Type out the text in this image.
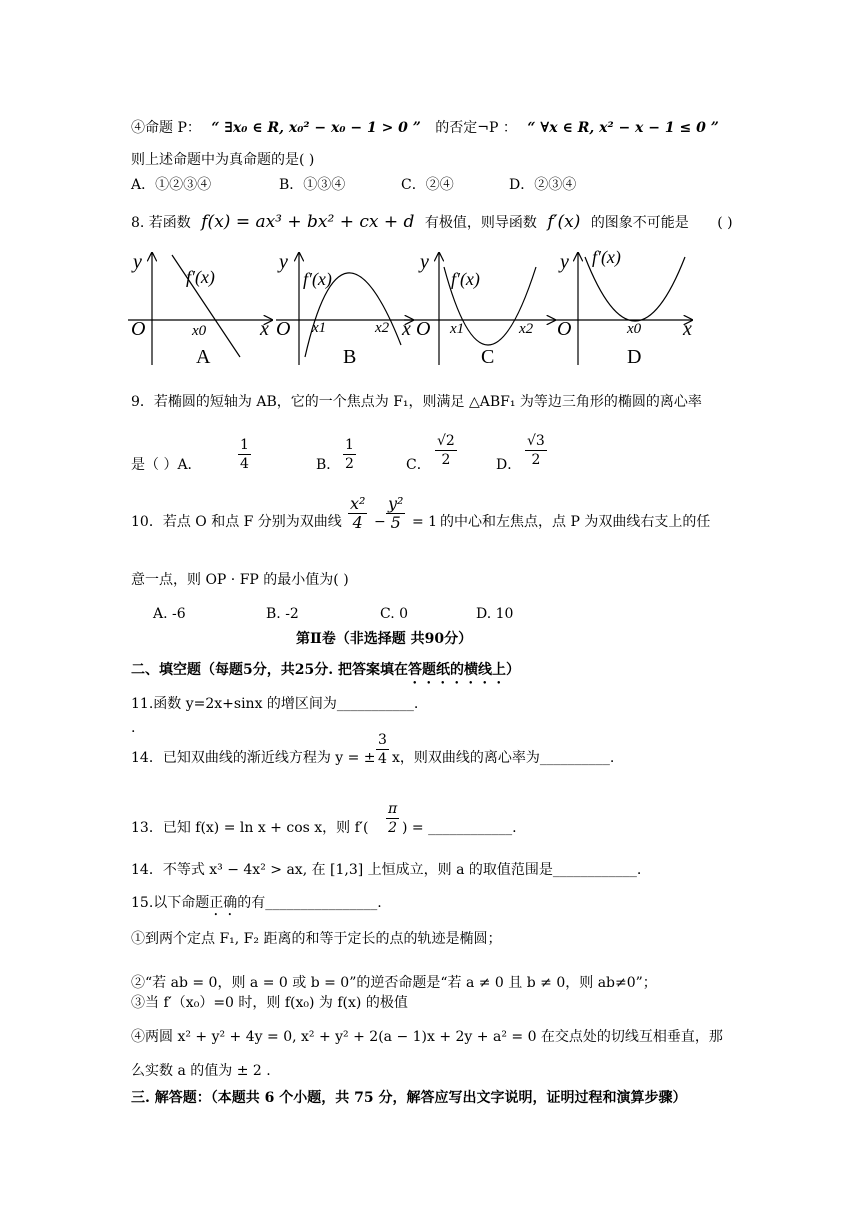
④命题 P： “ ∃x₀ ∈ R, x₀² − x₀ − 1 > 0 ” 的否定¬P ： “ ∀x ∈ R, x² − x − 1 ≤ 0 ”
则上述命题中为真命题的是( )
A．①②③④	B．①③④	C．②④	D．②③④
8. 若函数 f(x) = ax³ + bx² + cx + d 有极值，则导函数 f′(x) 的图象不可能是 ( )
y
O	x
f′(x)
x0
A
y
O
f′(x)
x1	x2
B
y
O
x
f′(x)
x1	x2
C
y
O	x
f′(x)
x0
D
9．若椭圆的短轴为 AB，它的一个焦点为 F₁，则满足 △ABF₁ 为等边三角形的椭圆的离心率
是（ ）A．	$\frac{1}{4}$	B． $\frac{1}{2}$	C． $\frac{√2}{2}$	D． $\frac{√3}{2}$
10．若点 O 和点 F 分别为双曲线 $\frac{\text{x²}}{4} - \frac{\text{y²}}{5} = 1$ 的中心和左焦点，点 P 为双曲线右支上的任
意一点，则 OP · FP 的最小值为( )
A. -6	B. -2	C. 0	D. 10
第Ⅱ卷（非选择题 共90分）
二、填空题（每题5分，共25分. 把答案填在答题纸的横线上）
11.函数 y=2x+sinx 的增区间为___________.
.
14．已知双曲线的渐近线方程为 y = ± $\frac{3}{4}$ x，则双曲线的离心率为__________.
13．已知 f(x) = ln x + cos x，则 $f'( \frac{\pi}{2}$ ) = ____________.
14．不等式 x³ − 4x² > ax, 在 [1,3] 上恒成立，则 a 的取值范围是____________.
15.以下命题正确的有________________.
①到两个定点 F₁, F₂ 距离的和等于定长的点的轨迹是椭圆；
②“若 ab = 0，则 a = 0 或 b = 0”的逆否命题是“若 a ≠ 0 且 b ≠ 0，则 ab≠0”；
③当 f′（x₀）=0 时，则 f(x₀) 为 f(x) 的极值
④两圆 x² + y² + 4y = 0, x² + y² + 2(a − 1)x + 2y + a² = 0 在交点处的切线互相垂直，那
么实数 a 的值为 ± 2 .
三. 解答题：（本题共 6 个小题，共 75 分，解答应写出文字说明，证明过程和演算步骤）
